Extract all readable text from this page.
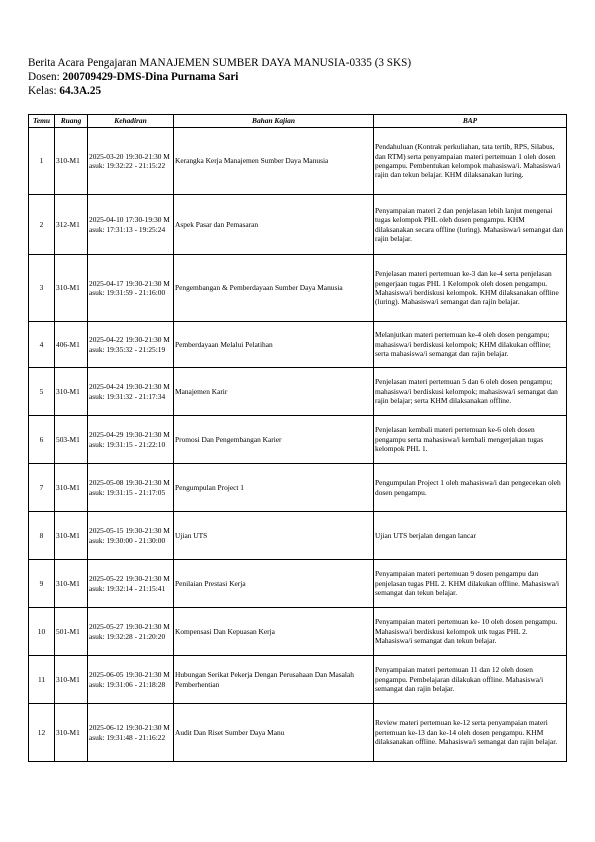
Berita Acara Pengajaran MANAJEMEN SUMBER DAYA MANUSIA-0335 (3 SKS)
Dosen: 200709429-DMS-Dina Purnama Sari
Kelas: 64.3A.25
Temu	Ruang	Kehadiran	Bahan Kajian	BAP
1	310-M1	2025-03-20 19:30-21:30 Masuk: 19:32:22 - 21:15:22	Kerangka Kerja Manajemen Sumber Daya Manusia	Pendahuluan (Kontrak perkuliahan, tata tertib, RPS, Silabus, dan RTM) serta penyampaian materi pertemuan 1 oleh dosen pengampu. Pembentukan kelompok mahasiswa/i. Mahasiswa/i rajin dan tekun belajar. KHM dilaksanakan luring.
2	312-M1	2025-04-10 17:30-19:30 Masuk: 17:31:13 - 19:25:24	Aspek Pasar dan Pemasaran	Penyampaian materi 2 dan penjelasan lebih lanjut mengenai tugas kelompok PHL oleh dosen pengampu. KHM dilaksanakan secara offline (luring). Mahasiswa/i semangat dan rajin belajar.
3	310-M1	2025-04-17 19:30-21:30 Masuk: 19:31:59 - 21:16:00	Pengembangan & Pemberdayaan Sumber Daya Manusia	Penjelasan materi pertemuan ke-3 dan ke-4 serta penjelasan pengerjaan tugas PHL 1 Kelompok oleh dosen pengampu. Mahasiswa/i berdiskusi kelompok. KHM dilaksanakan offline (luring). Mahasiswa/i semangat dan rajin belajar.
4	406-M1	2025-04-22 19:30-21:30 Masuk: 19:35:32 - 21:25:19	Pemberdayaan Melalui Pelatihan	Melanjutkan materi pertemuan ke-4 oleh dosen pengampu; mahasiswa/i berdiskusi kelompok; KHM dilakukan offline; serta mahasiswa/i semangat dan rajin belajar.
5	310-M1	2025-04-24 19:30-21:30 Masuk: 19:31:32 - 21:17:34	Manajemen Karir	Penjelasan materi pertemuan 5 dan 6 oleh dosen pengampu; mahasiswa/i berdiskusi kelompok; mahasiswa/i semangat dan rajin belajar; serta KHM dilaksanakan offline.
6	503-M1	2025-04-29 19:30-21:30 Masuk: 19:31:15 - 21:22:10	Promosi Dan Pengembangan Karier	Penjelasan kembali materi pertemuan ke-6 oleh dosen pengampu serta mahasiswa/i kembali mengerjakan tugas kelompok PHL 1.
7	310-M1	2025-05-08 19:30-21:30 Masuk: 19:31:15 - 21:17:05	Pengumpulan Project 1	Pengumpulan Project 1 oleh mahasiswa/i dan pengecekan oleh dosen pengampu.
8	310-M1	2025-05-15 19:30-21:30 Masuk: 19:30:00 - 21:30:00	Ujian UTS	Ujian UTS berjalan dengan lancar
9	310-M1	2025-05-22 19:30-21:30 Masuk: 19:32:14 - 21:15:41	Penilaian Prestasi Kerja	Penyampaian materi pertemuan 9 dosen pengampu dan penjelasan tugas PHL 2. KHM dilakukan offline. Mahasiswa/i semangat dan tekun belajar.
10	501-M1	2025-05-27 19:30-21:30 Masuk: 19:32:28 - 21:20:20	Kompensasi Dan Kepuasan Kerja	Penyampaian materi pertemuan ke- 10 oleh dosen pengampu. Mahasiswa/i berdiskusi kelompok utk tugas PHL 2. Mahasiswa/i semangat dan tekun belajar.
11	310-M1	2025-06-05 19:30-21:30 Masuk: 19:31:06 - 21:18:28	Hubungan Serikat Pekerja Dengan Perusahaan Dan Masalah Pemberhentian	Penyampaian materi pertemuan 11 dan 12 oleh dosen pengampu. Pembelajaran dilakukan offline. Mahasiswa/i semangat dan rajin belajar.
12	310-M1	2025-06-12 19:30-21:30 Masuk: 19:31:48 - 21:16:22	Audit Dan Riset Sumber Daya Manu	Review materi pertemuan ke-12 serta penyampaian materi pertemuan ke-13 dan ke-14 oleh dosen pengampu. KHM dilaksanakan offline. Mahasiswa/i semangat dan rajin belajar.
